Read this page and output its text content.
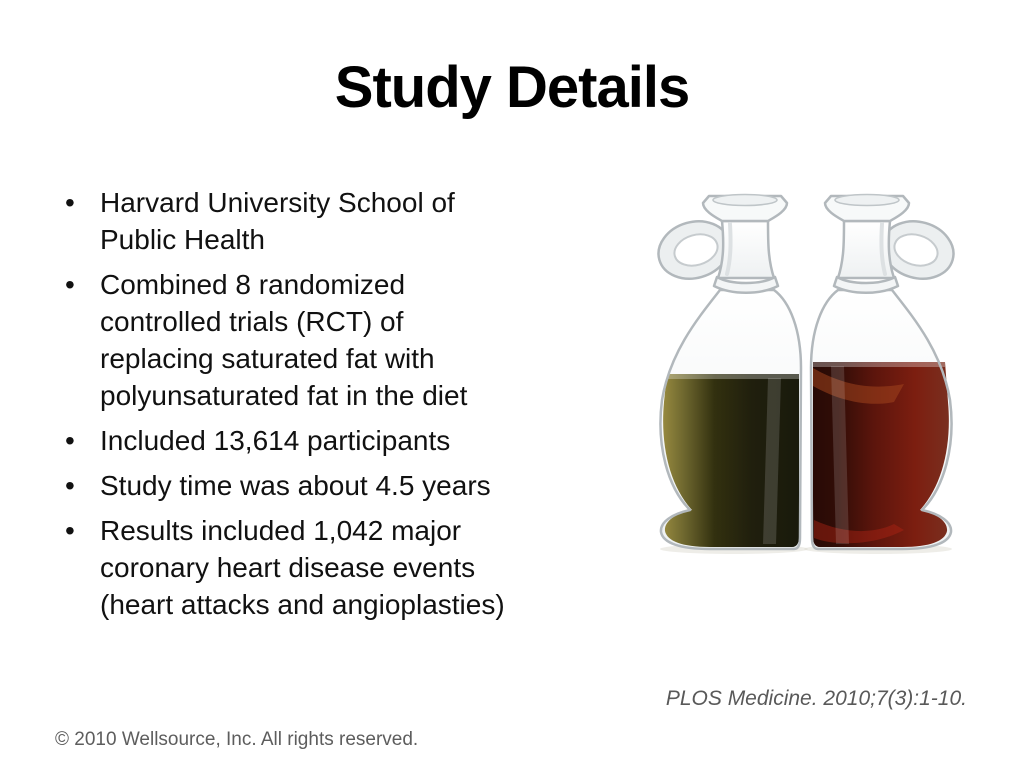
Study Details
• Harvard University School of
Public Health
• Combined 8 randomized
controlled trials (RCT) of
replacing saturated fat with
polyunsaturated fat in the diet
• Included 13,614 participants
• Study time was about 4.5 years
• Results included 1,042 major
coronary heart disease events
(heart attacks and angioplasties)
PLOS Medicine. 2010;7(3):1-10.
© 2010 Wellsource, Inc. All rights reserved.
